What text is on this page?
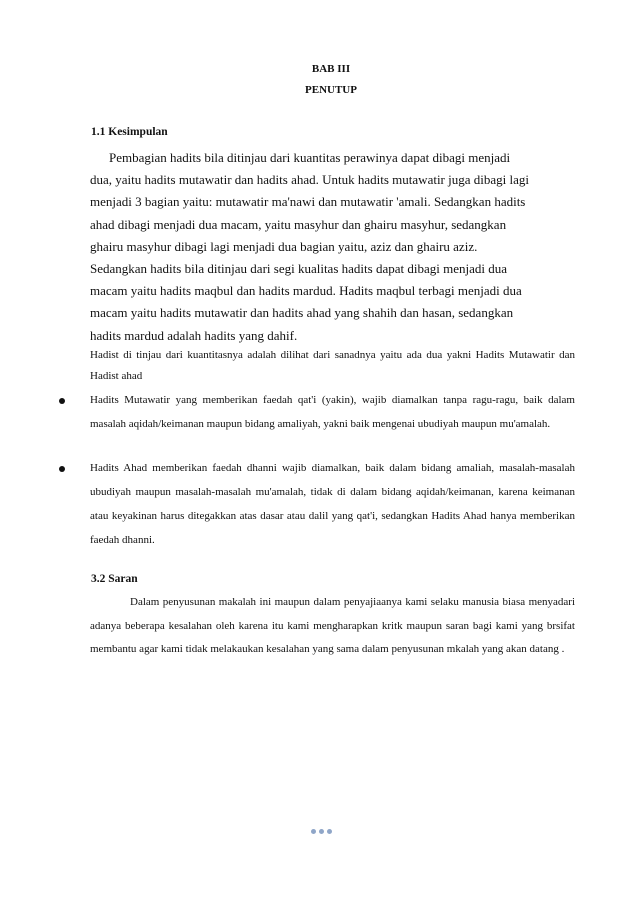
BAB III
PENUTUP
1.1 Kesimpulan
Pembagian hadits bila ditinjau dari kuantitas perawinya dapat dibagi menjadi
dua, yaitu hadits mutawatir dan hadits ahad. Untuk hadits mutawatir juga dibagi lagi
menjadi 3 bagian yaitu: mutawatir ma'nawi dan mutawatir 'amali. Sedangkan hadits
ahad dibagi menjadi dua macam, yaitu masyhur dan ghairu masyhur, sedangkan
ghairu masyhur dibagi lagi menjadi dua bagian yaitu, aziz dan ghairu aziz.
Sedangkan hadits bila ditinjau dari segi kualitas hadits dapat dibagi menjadi dua
macam yaitu hadits maqbul dan hadits mardud. Hadits maqbul terbagi menjadi dua
macam yaitu hadits mutawatir dan hadits ahad yang shahih dan hasan, sedangkan
hadits mardud adalah hadits yang dahif.
Hadist di tinjau dari kuantitasnya adalah dilihat dari sanadnya yaitu ada dua yakni Hadits Mutawatir dan Hadist ahad
Hadits Mutawatir yang memberikan faedah qat'i (yakin), wajib diamalkan tanpa ragu-ragu, baik dalam masalah aqidah/keimanan maupun bidang amaliyah, yakni baik mengenai ubudiyah maupun mu'amalah.
Hadits Ahad memberikan faedah dhanni wajib diamalkan, baik dalam bidang amaliah, masalah-masalah ubudiyah maupun masalah-masalah mu'amalah, tidak di dalam bidang aqidah/keimanan, karena keimanan atau keyakinan harus ditegakkan atas dasar atau dalil yang qat'i, sedangkan Hadits Ahad hanya memberikan faedah dhanni.
3.2 Saran
Dalam penyusunan makalah ini maupun dalam penyajiaanya kami selaku manusia biasa menyadari adanya beberapa kesalahan oleh karena itu kami mengharapkan kritk maupun saran bagi kami yang brsifat membantu agar kami tidak melakaukan kesalahan yang sama dalam penyusunan mkalah yang akan datang .
